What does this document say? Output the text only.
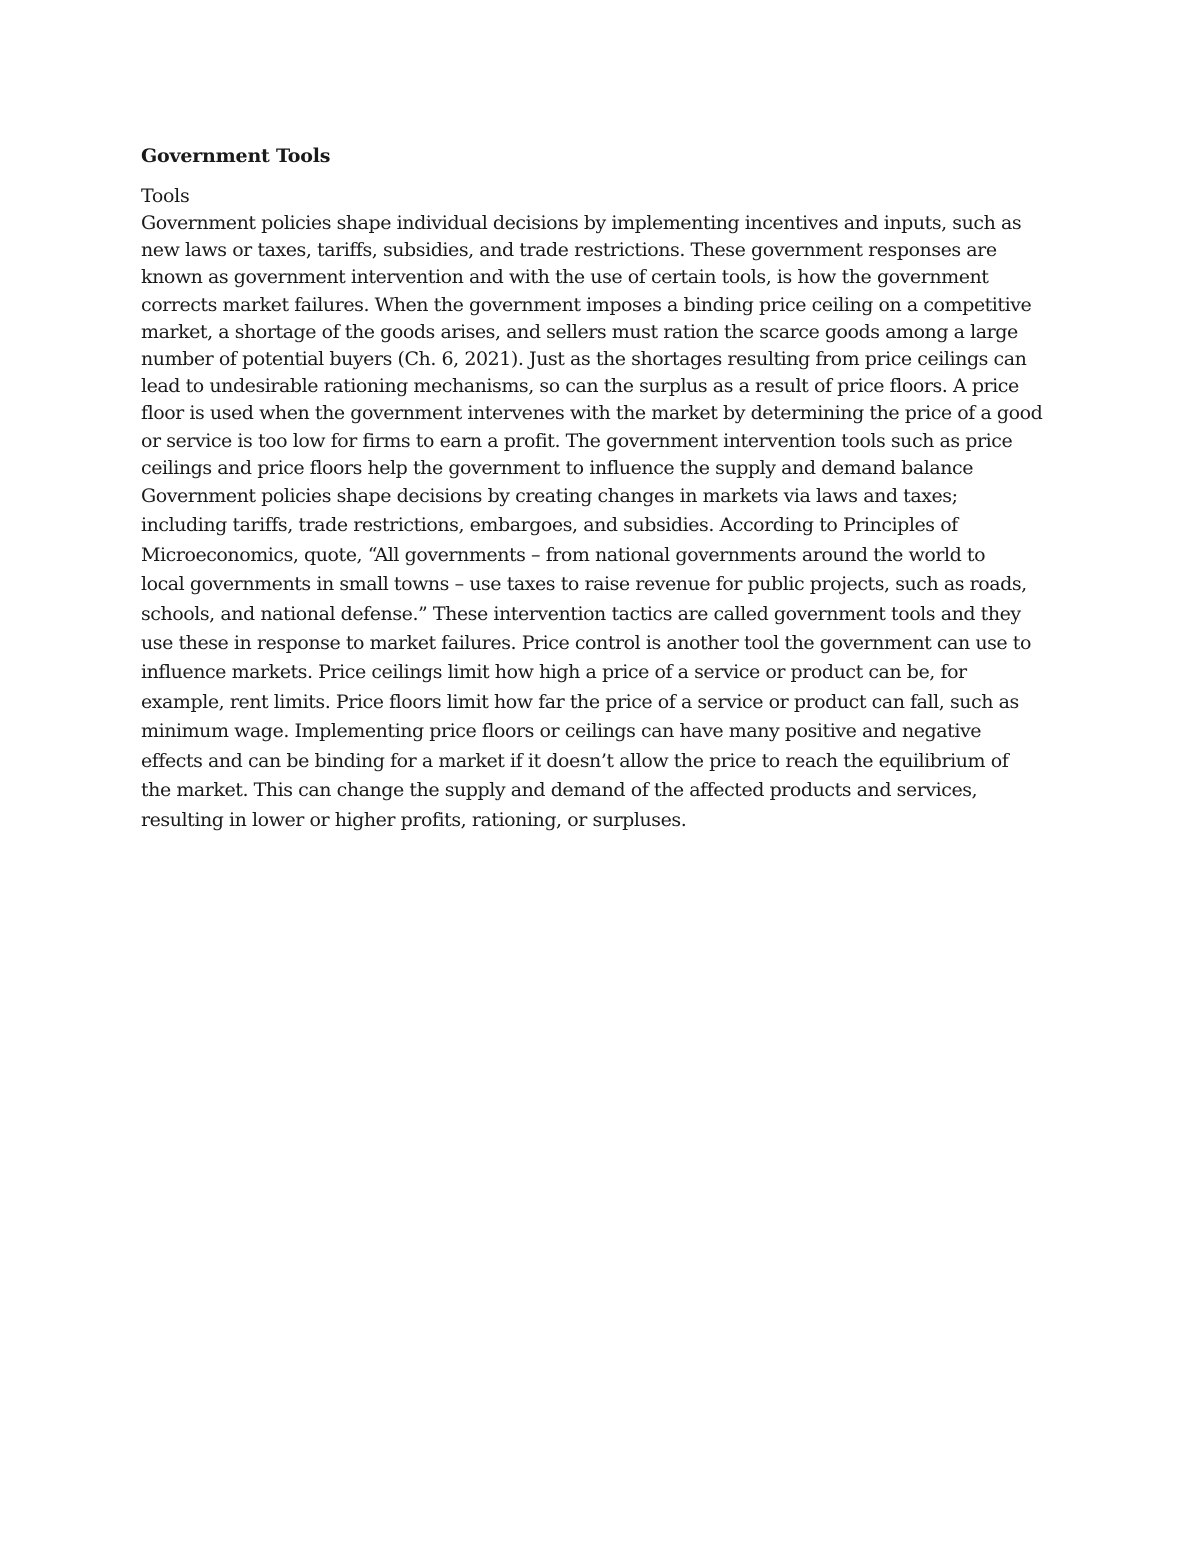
Government Tools
Tools
Government policies shape individual decisions by implementing incentives and inputs, such as
new laws or taxes, tariffs, subsidies, and trade restrictions. These government responses are
known as government intervention and with the use of certain tools, is how the government
corrects market failures. When the government imposes a binding price ceiling on a competitive
market, a shortage of the goods arises, and sellers must ration the scarce goods among a large
number of potential buyers (Ch. 6, 2021). Just as the shortages resulting from price ceilings can
lead to undesirable rationing mechanisms, so can the surplus as a result of price floors. A price
floor is used when the government intervenes with the market by determining the price of a good
or service is too low for firms to earn a profit. The government intervention tools such as price
ceilings and price floors help the government to influence the supply and demand balance
Government policies shape decisions by creating changes in markets via laws and taxes;
including tariffs, trade restrictions, embargoes, and subsidies. According to Principles of
Microeconomics, quote, “All governments – from national governments around the world to
local governments in small towns – use taxes to raise revenue for public projects, such as roads,
schools, and national defense.” These intervention tactics are called government tools and they
use these in response to market failures. Price control is another tool the government can use to
influence markets. Price ceilings limit how high a price of a service or product can be, for
example, rent limits. Price floors limit how far the price of a service or product can fall, such as
minimum wage. Implementing price floors or ceilings can have many positive and negative
effects and can be binding for a market if it doesn’t allow the price to reach the equilibrium of
the market. This can change the supply and demand of the affected products and services,
resulting in lower or higher profits, rationing, or surpluses.
